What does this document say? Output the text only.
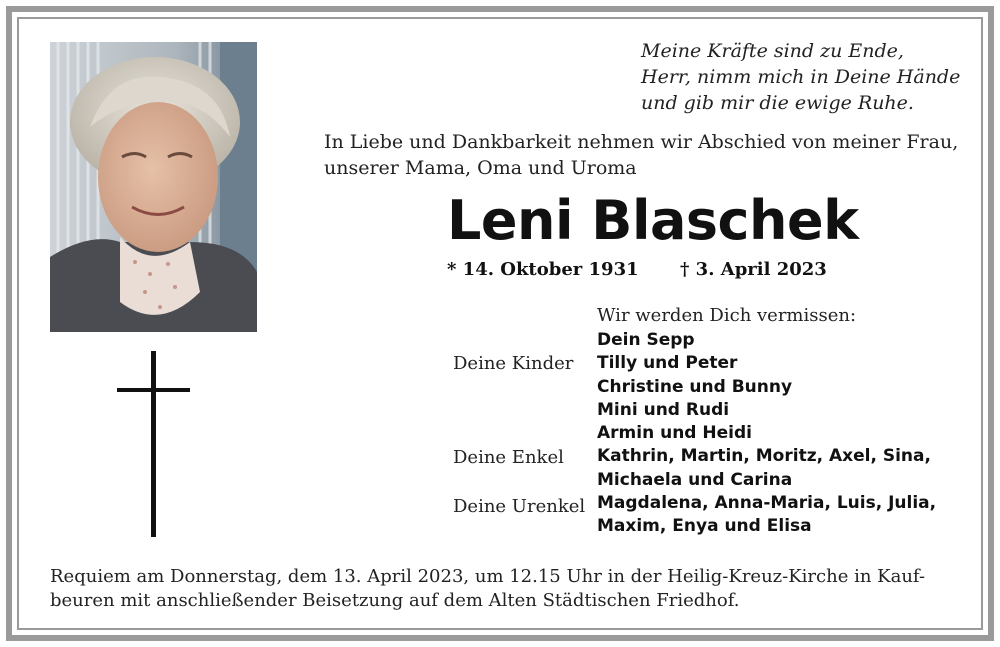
Meine Kräfte sind zu Ende,
Herr, nimm mich in Deine Hände
und gib mir die ewige Ruhe.
In Liebe und Dankbarkeit nehmen wir Abschied von meiner Frau,
unserer Mama, Oma und Uroma
Leni Blaschek
* 14. Oktober 1931 † 3. April 2023
Wir werden Dich vermissen:
Dein Sepp
Tilly und Peter
Christine und Bunny
Mini und Rudi
Armin und Heidi
Kathrin, Martin, Moritz, Axel, Sina,
Michaela und Carina
Magdalena, Anna-Maria, Luis, Julia,
Maxim, Enya und Elisa
Deine Kinder
Deine Enkel
Deine Urenkel
Requiem am Donnerstag, dem 13. April 2023, um 12.15 Uhr in der Heilig-Kreuz-Kirche in Kauf-
beuren mit anschließender Beisetzung auf dem Alten Städtischen Friedhof.
